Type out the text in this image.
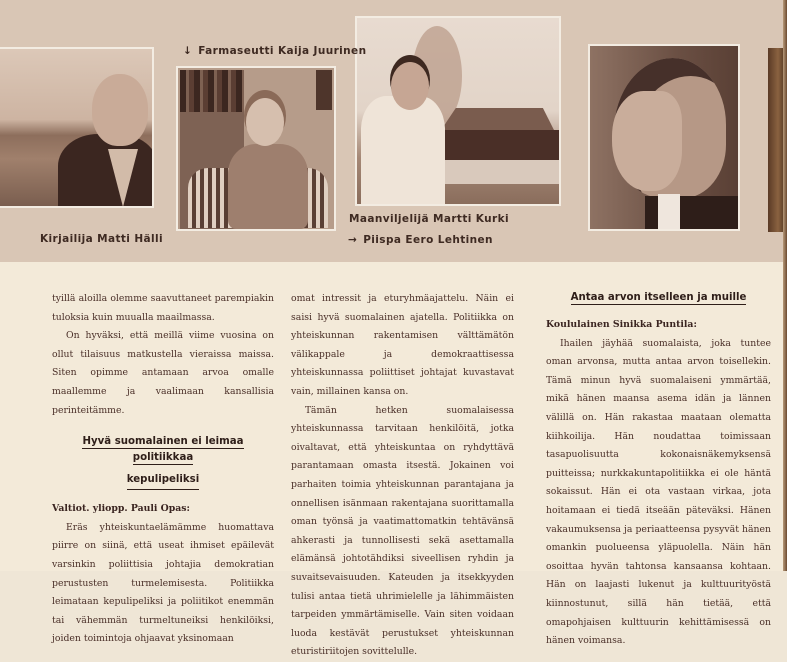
Kirjailija Matti Hälli
↓ Farmaseutti Kaija Juurinen
Maanviljelijä Martti Kurki
→ Piispa Eero Lehtinen

tyillä aloilla olemme saavuttaneet parempiakin tuloksia kuin muualla maailmassa.

On hyväksi, että meillä viime vuosina on ollut tilaisuus matkustella vieraissa maissa. Siten opimme antamaan arvoa omalle maallemme ja vaalimaan kansallisia perinteitämme.

Hyvä suomalainen ei leimaa politiikkaa
kepulipeliksi

Valtiot. yliopp. Pauli Opas:

Eräs yhteiskuntaelämämme huomattava piirre on siinä, että useat ihmiset epäilevät varsinkin poliittisia johtajia demokratian perustusten turmelemisesta. Politiikka leimataan kepulipeliksi ja poliitikot enemmän tai vähemmän turmeltuneiksi henkilöiksi, joiden toimintoja ohjaavat yksinomaan

omat intressit ja eturyhmäajattelu. Näin ei saisi hyvä suomalainen ajatella. Politiikka on yhteiskunnan rakentamisen välttämätön välikappale ja demokraattisessa yhteiskunnassa poliittiset johtajat kuvastavat vain, millainen kansa on.

Tämän hetken suomalaisessa yhteiskunnassa tarvitaan henkilöitä, jotka oivaltavat, että yhteiskuntaa on ryhdyttävä parantamaan omasta itsestä. Jokainen voi parhaiten toimia yhteiskunnan parantajana ja onnellisen isänmaan rakentajana suorittamalla oman työnsä ja vaatimattomatkin tehtävänsä ahkerasti ja tunnollisesti sekä asettamalla elämänsä johtotähdiksi siveellisen ryhdin ja suvaitsevaisuuden. Kateuden ja itsekkyyden tulisi antaa tietä uhrimielelle ja lähimmäisten tarpeiden ymmärtämiselle. Vain siten voidaan luoda kestävät perustukset yhteiskunnan eturistiriitojen sovittelulle.

Antaa arvon itselleen ja muille

Koululainen Sinikka Puntila:

Ihailen jäyhää suomalaista, joka tuntee oman arvonsa, mutta antaa arvon toisellekin. Tämä minun hyvä suomalaiseni ymmärtää, mikä hänen maansa asema idän ja lännen välillä on. Hän rakastaa maataan olematta kiihkoilija. Hän noudattaa toimissaan tasapuolisuutta kokonaisnäkemyksensä puitteissa; nurkkakuntapolitiikka ei ole häntä sokaissut. Hän ei ota vastaan virkaa, jota hoitamaan ei tiedä itseään päteväksi. Hänen vakaumuksensa ja periaatteensa pysyvät hänen omankin puolueensa yläpuolella. Näin hän osoittaa hyvän tahtonsa kansaansa kohtaan. Hän on laajasti lukenut ja kulttuurityöstä kiinnostunut, sillä hän tietää, että omapohjaisen kulttuurin kehittämisessä on hänen voimansa.
